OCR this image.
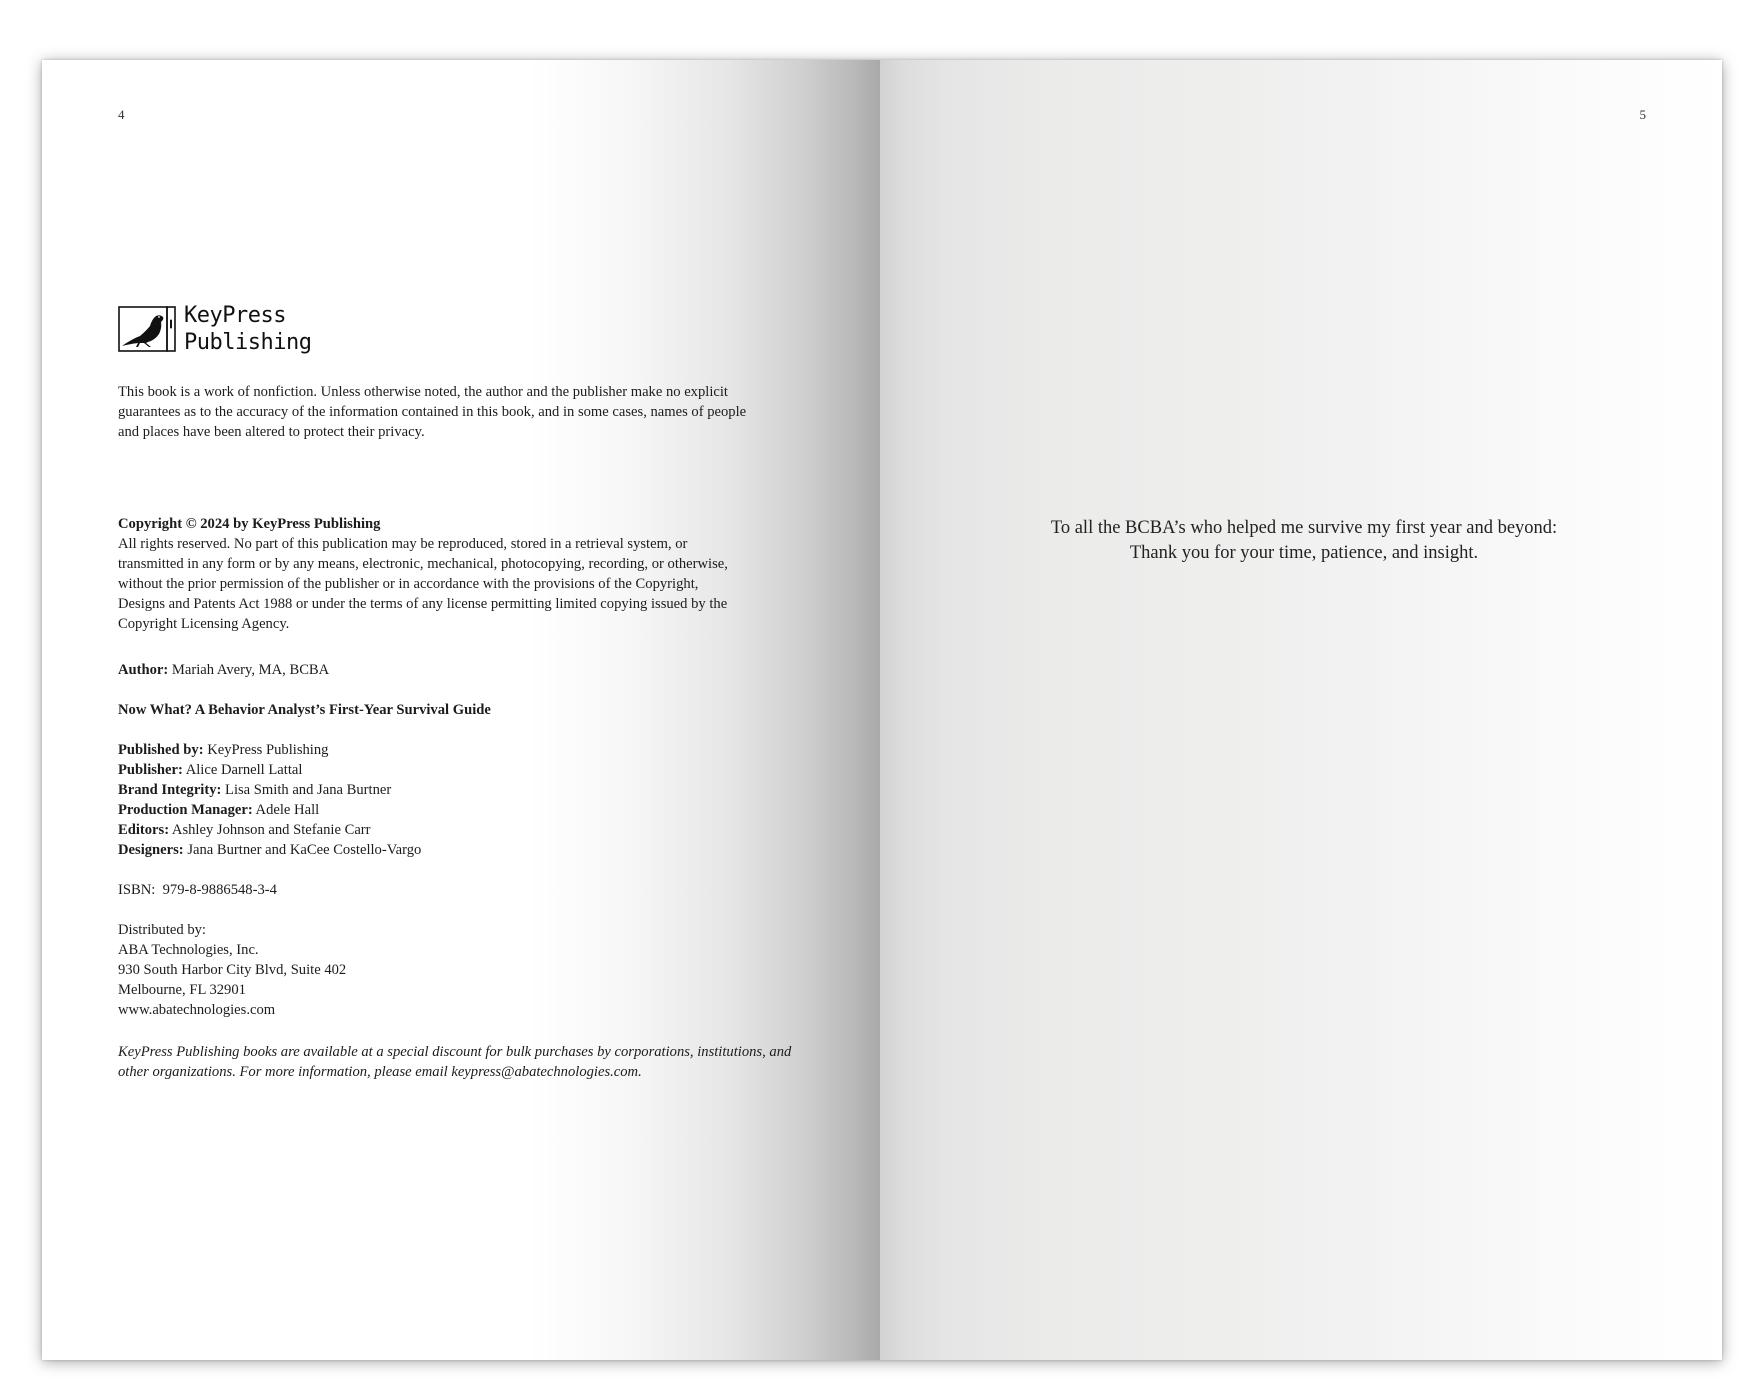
4
KeyPress
Publishing
This book is a work of nonfiction. Unless otherwise noted, the author and the publisher make no explicit
guarantees as to the accuracy of the information contained in this book, and in some cases, names of people
and places have been altered to protect their privacy.
Copyright © 2024 by KeyPress Publishing
All rights reserved. No part of this publication may be reproduced, stored in a retrieval system, or
transmitted in any form or by any means, electronic, mechanical, photocopying, recording, or otherwise,
without the prior permission of the publisher or in accordance with the provisions of the Copyright,
Designs and Patents Act 1988 or under the terms of any license permitting limited copying issued by the
Copyright Licensing Agency.
Author: Mariah Avery, MA, BCBA
Now What? A Behavior Analyst’s First-Year Survival Guide
Published by: KeyPress Publishing
Publisher: Alice Darnell Lattal
Brand Integrity: Lisa Smith and Jana Burtner
Production Manager: Adele Hall
Editors: Ashley Johnson and Stefanie Carr
Designers: Jana Burtner and KaCee Costello-Vargo
ISBN:  979-8-9886548-3-4
Distributed by:
ABA Technologies, Inc.
930 South Harbor City Blvd, Suite 402
Melbourne, FL 32901
www.abatechnologies.com
KeyPress Publishing books are available at a special discount for bulk purchases by corporations, institutions, and
other organizations. For more information, please email keypress@abatechnologies.com.
5
To all the BCBA’s who helped me survive my first year and beyond:
Thank you for your time, patience, and insight.
